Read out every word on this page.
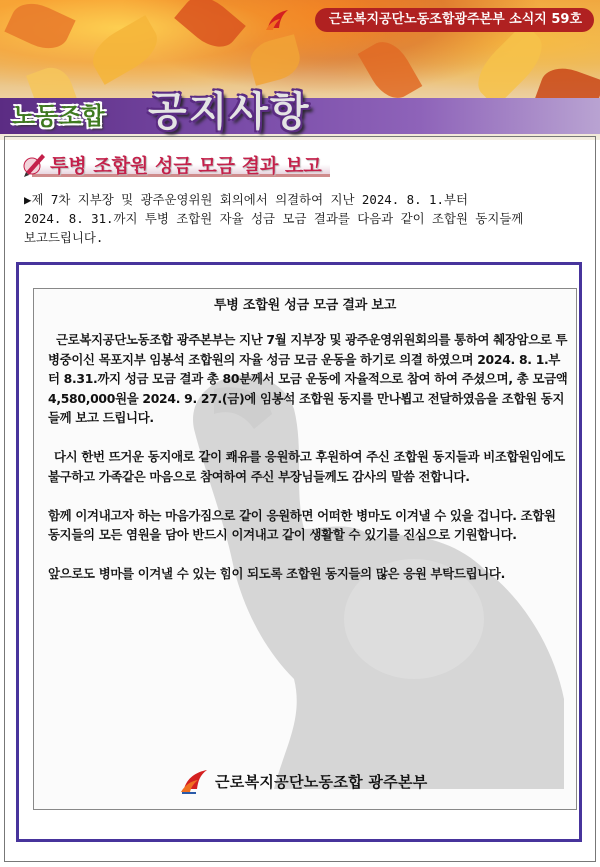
근로복지공단노동조합광주본부 소식지 59호
노동조합 공지사항
투병 조합원 성금 모금 결과 보고
▶제 7차 지부장 및 광주운영위원 회의에서 의결하여 지난 2024. 8. 1.부터
2024. 8. 31.까지 투병 조합원 자율 성금 모금 결과를 다음과 같이 조합원 동지들께
보고드립니다.
투병 조합원 성금 모금 결과 보고

근로복지공단노동조합 광주본부는 지난 7월 지부장 및 광주운영위원회의를 통하여 췌장암으로 투병중이신 목포지부 임봉석 조합원의 자율 성금 모금 운동을 하기로 의결 하였으며 2024. 8. 1.부터 8.31.까지 성금 모금 결과 총 80분께서 모금 운동에 자율적으로 참여 하여 주셨으며, 총 모금액 4,580,000원을 2024. 9. 27.(금)에 임봉석 조합원 동지를 만나뵙고 전달하였음을 조합원 동지들께 보고 드립니다.

다시 한번 뜨거운 동지애로 같이 쾌유를 응원하고 후원하여 주신 조합원 동지들과 비조합원임에도 불구하고 가족같은 마음으로 참여하여 주신 부장님들께도 감사의 말씀 전합니다.

함께 이겨내고자 하는 마음가짐으로 같이 응원하면 어떠한 병마도 이겨낼 수 있을 겁니다. 조합원 동지들의 모든 염원을 담아 반드시 이겨내고 같이 생활할 수 있기를 진심으로 기원합니다.

앞으로도 병마를 이겨낼 수 있는 힘이 되도록 조합원 동지들의 많은 응원 부탁드립니다.

근로복지공단노동조합 광주본부
